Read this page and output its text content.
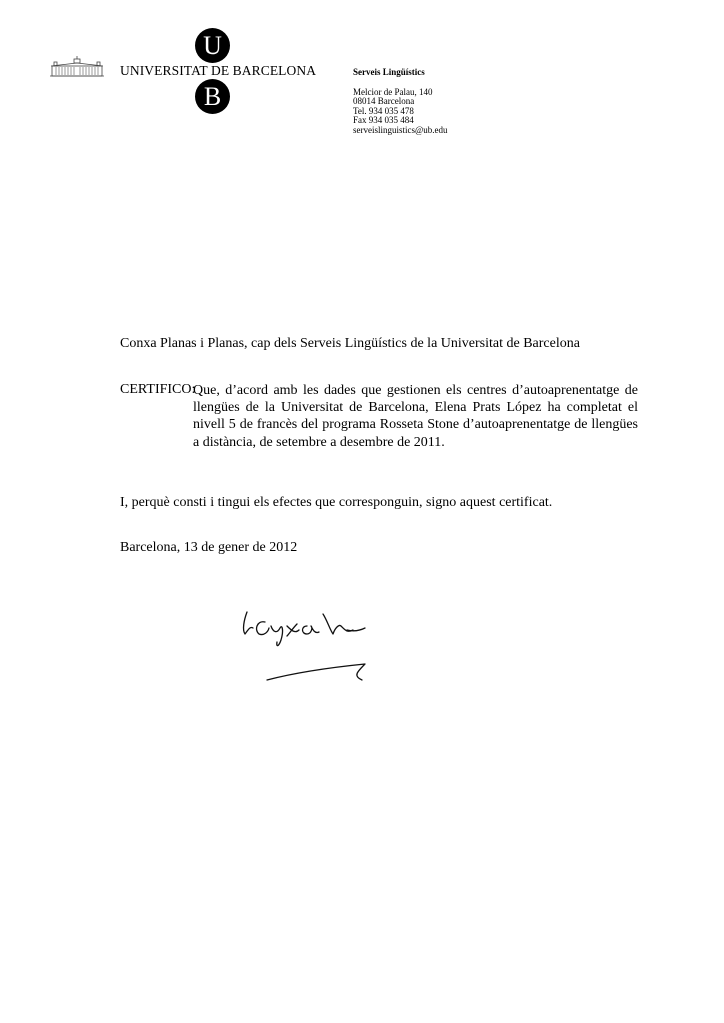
UNIVERSITAT DE BARCELONA
U
B
Serveis Lingüístics
Melcior de Palau, 140
08014 Barcelona
Tel. 934 035 478
Fax 934 035 484
serveislinguistics@ub.edu
Conxa Planas i Planas, cap dels Serveis Lingüístics de la Universitat de Barcelona
CERTIFICO:
Que, d’acord amb les dades que gestionen els centres d’autoaprenentatge de llengües de la Universitat de Barcelona, Elena Prats López ha completat el nivell 5 de francès del programa Rosseta Stone d’autoaprenentatge de llengües a distància, de setembre a desembre de 2011.
I, perquè consti i tingui els efectes que corresponguin, signo aquest certificat.
Barcelona, 13 de gener de 2012
